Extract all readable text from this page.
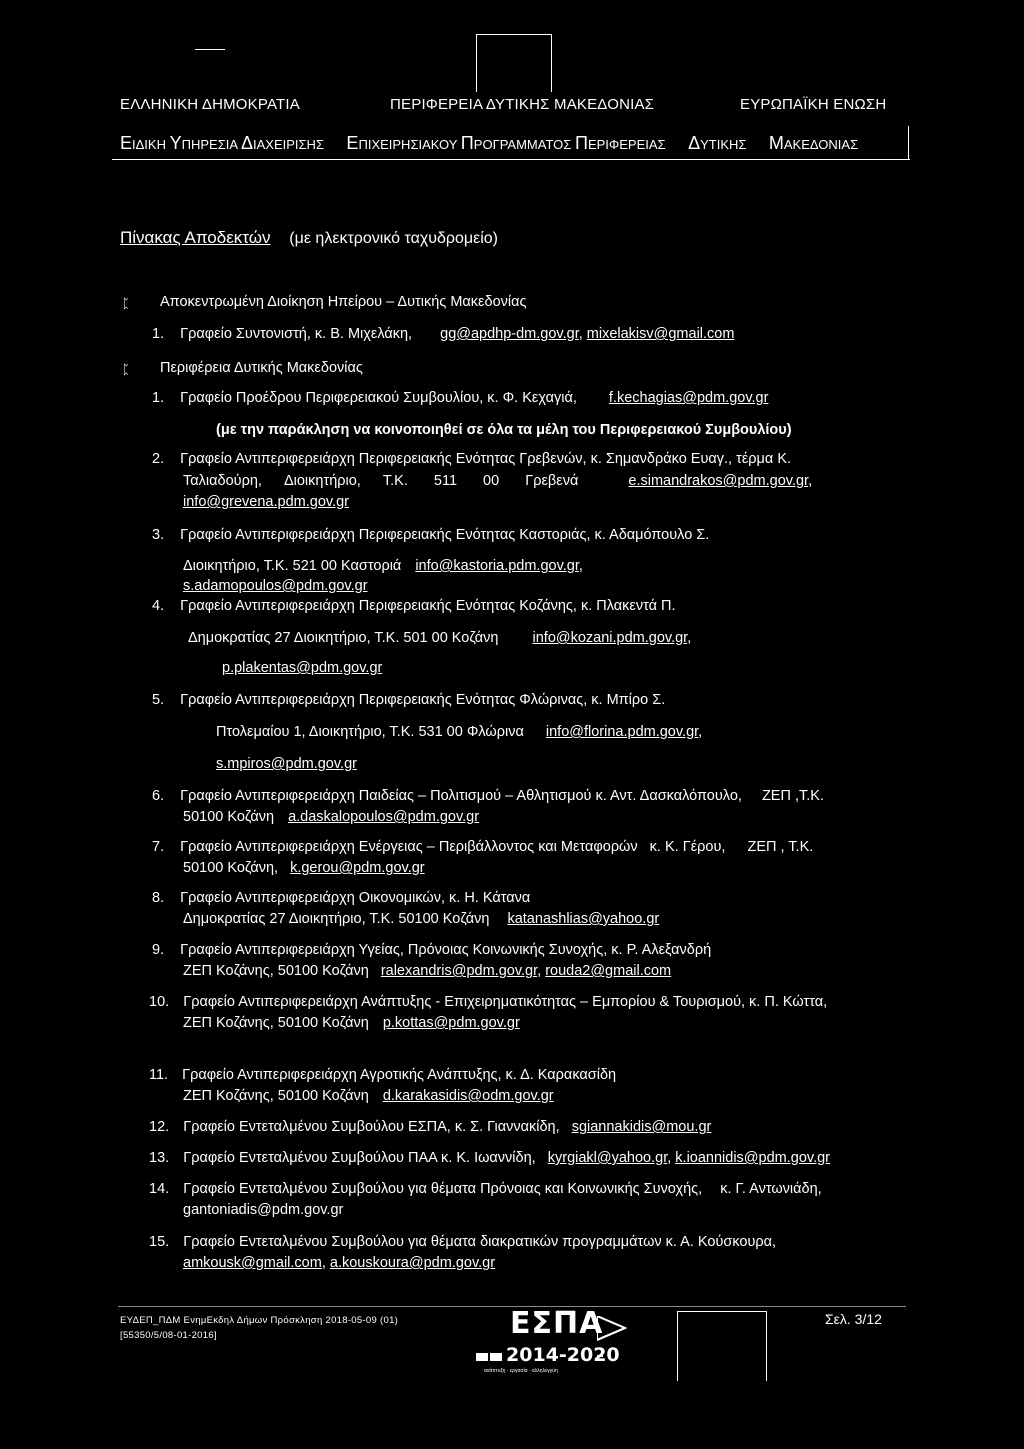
ΕΛΛΗΝΙΚΗ ΔΗΜΟΚΡΑΤΙΑ	ΠΕΡΙΦΕΡΕΙΑ ΔΥΤΙΚΗΣ ΜΑΚΕΔΟΝΙΑΣ	ΕΥΡΩΠΑΪΚΗ ΕΝΩΣΗ
ΕΙΔΙΚΗ ΥΠΗΡΕΣΙΑ ΔΙΑΧΕΙΡΙΣΗΣ ΕΠΙΧΕΙΡΗΣΙΑΚΟΥ ΠΡΟΓΡΑΜΜΑΤΟΣ ΠΕΡΙΦΕΡΕΙΑΣ ΔΥΤΙΚΗΣ ΜΑΚΕΔΟΝΙΑΣ
Πίνακας Αποδεκτών (με ηλεκτρονικό ταχυδρομείο)
ᛈ Αποκεντρωμένη Διοίκηση Ηπείρου – Δυτικής Μακεδονίας
1. Γραφείο Συντονιστή, κ. Β. Μιχελάκη, gg@apdhp-dm.gov.gr, mixelakisv@gmail.com
ᛈ Περιφέρεια Δυτικής Μακεδονίας
1. Γραφείο Προέδρου Περιφερειακού Συμβουλίου, κ. Φ. Κεχαγιά, f.kechagias@pdm.gov.gr
(με την παράκληση να κοινοποιηθεί σε όλα τα μέλη του Περιφερειακού Συμβουλίου)
2. Γραφείο Αντιπεριφερειάρχη Περιφερειακής Ενότητας Γρεβενών, κ. Σημανδράκο Ευαγ., τέρμα Κ.
Ταλιαδούρη, Διοικητήριο, Τ.Κ. 511 00 Γρεβενά	e.simandrakos@pdm.gov.gr,
info@grevena.pdm.gov.gr
3. Γραφείο Αντιπεριφερειάρχη Περιφερειακής Ενότητας Καστοριάς, κ. Αδαμόπουλο Σ.
Διοικητήριο, Τ.Κ. 521 00 Καστοριά info@kastoria.pdm.gov.gr,
s.adamopoulos@pdm.gov.gr
4. Γραφείο Αντιπεριφερειάρχη Περιφερειακής Ενότητας Κοζάνης, κ. Πλακεντά Π.
Δημοκρατίας 27 Διοικητήριο, Τ.Κ. 501 00 Κοζάνη info@kozani.pdm.gov.gr,
p.plakentas@pdm.gov.gr
5. Γραφείο Αντιπεριφερειάρχη Περιφερειακής Ενότητας Φλώρινας, κ. Μπίρο Σ.
Πτολεμαίου 1, Διοικητήριο, Τ.Κ. 531 00 Φλώρινα info@florina.pdm.gov.gr,
s.mpiros@pdm.gov.gr
6. Γραφείο Αντιπεριφερειάρχη Παιδείας – Πολιτισμού – Αθλητισμού κ. Αντ. Δασκαλόπουλο, ΖΕΠ ,Τ.Κ.
50100 Κοζάνη a.daskalopoulos@pdm.gov.gr
7. Γραφείο Αντιπεριφερειάρχη Ενέργειας – Περιβάλλοντος και Μεταφορών κ. Κ. Γέρου, ΖΕΠ , Τ.Κ.
50100 Κοζάνη, k.gerou@pdm.gov.gr
8. Γραφείο Αντιπεριφερειάρχη Οικονομικών, κ. Η. Κάτανα
Δημοκρατίας 27 Διοικητήριο, Τ.Κ. 50100 Κοζάνη katanashlias@yahoo.gr
9. Γραφείο Αντιπεριφερειάρχη Υγείας, Πρόνοιας Κοινωνικής Συνοχής, κ. Ρ. Αλεξανδρή
ΖΕΠ Κοζάνης, 50100 Κοζάνη ralexandris@pdm.gov.gr, rouda2@gmail.com
10. Γραφείο Αντιπεριφερειάρχη Ανάπτυξης - Επιχειρηματικότητας – Εμπορίου & Τουρισμού, κ. Π. Κώττα,
ΖΕΠ Κοζάνης, 50100 Κοζάνη p.kottas@pdm.gov.gr
11. Γραφείο Αντιπεριφερειάρχη Αγροτικής Ανάπτυξης, κ. Δ. Καρακασίδη
ΖΕΠ Κοζάνης, 50100 Κοζάνη d.karakasidis@odm.gov.gr
12. Γραφείο Εντεταλμένου Συμβούλου ΕΣΠΑ, κ. Σ. Γιαννακίδη, sgiannakidis@mou.gr
13. Γραφείο Εντεταλμένου Συμβούλου ΠΑΑ κ. Κ. Ιωαννίδη, kyrgiakl@yahoo.gr, k.ioannidis@pdm.gov.gr
14. Γραφείο Εντεταλμένου Συμβούλου για θέματα Πρόνοιας και Κοινωνικής Συνοχής, κ. Γ. Αντωνιάδη,
gantoniadis@pdm.gov.gr
15. Γραφείο Εντεταλμένου Συμβούλου για θέματα διακρατικών προγραμμάτων κ. Α. Κούσκουρα,
amkousk@gmail.com, a.kouskoura@pdm.gov.gr
ΕΥΔΕΠ_ΠΔΜ ΕνημΕκδηλ Δήμων Πρόσκληση 2018-05-09 (01)
[55350/5/08-01-2016]	ΕΣΠΑ
2014-2020
ανάπτυξη · εργασία · αλληλεγγύη
Σελ. 3/12
